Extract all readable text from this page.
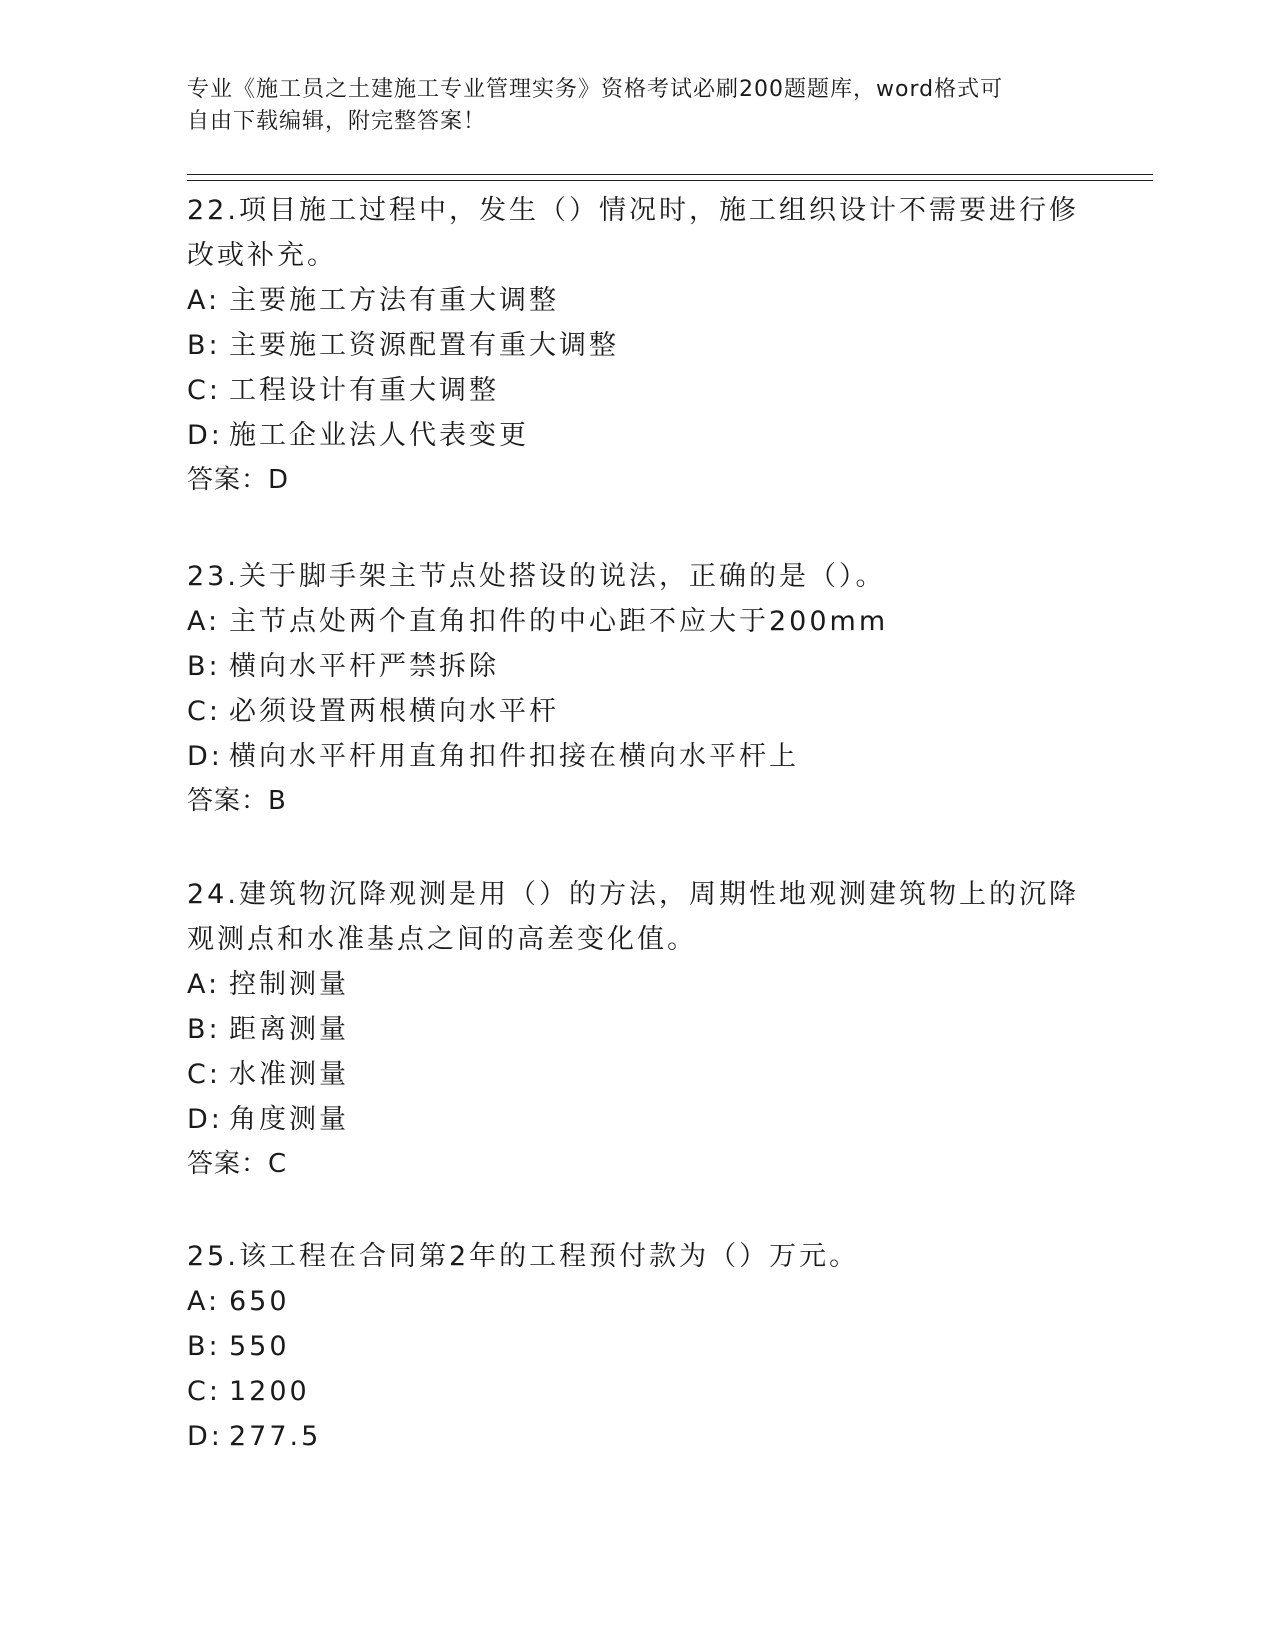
专业《施工员之土建施工专业管理实务》资格考试必刷200题题库，word格式可
自由下载编辑，附完整答案！
22.项目施工过程中，发生（）情况时，施工组织设计不需要进行修改或补充。
A: 主要施工方法有重大调整
B: 主要施工资源配置有重大调整
C: 工程设计有重大调整
D: 施工企业法人代表变更
答案：D
23.关于脚手架主节点处搭设的说法，正确的是（）。
A: 主节点处两个直角扣件的中心距不应大于200mm
B: 横向水平杆严禁拆除
C: 必须设置两根横向水平杆
D: 横向水平杆用直角扣件扣接在横向水平杆上
答案：B
24.建筑物沉降观测是用（）的方法，周期性地观测建筑物上的沉降观测点和水准基点之间的高差变化值。
A: 控制测量
B: 距离测量
C: 水准测量
D: 角度测量
答案：C
25.该工程在合同第2年的工程预付款为（）万元。
A: 650
B: 550
C: 1200
D: 277.5
